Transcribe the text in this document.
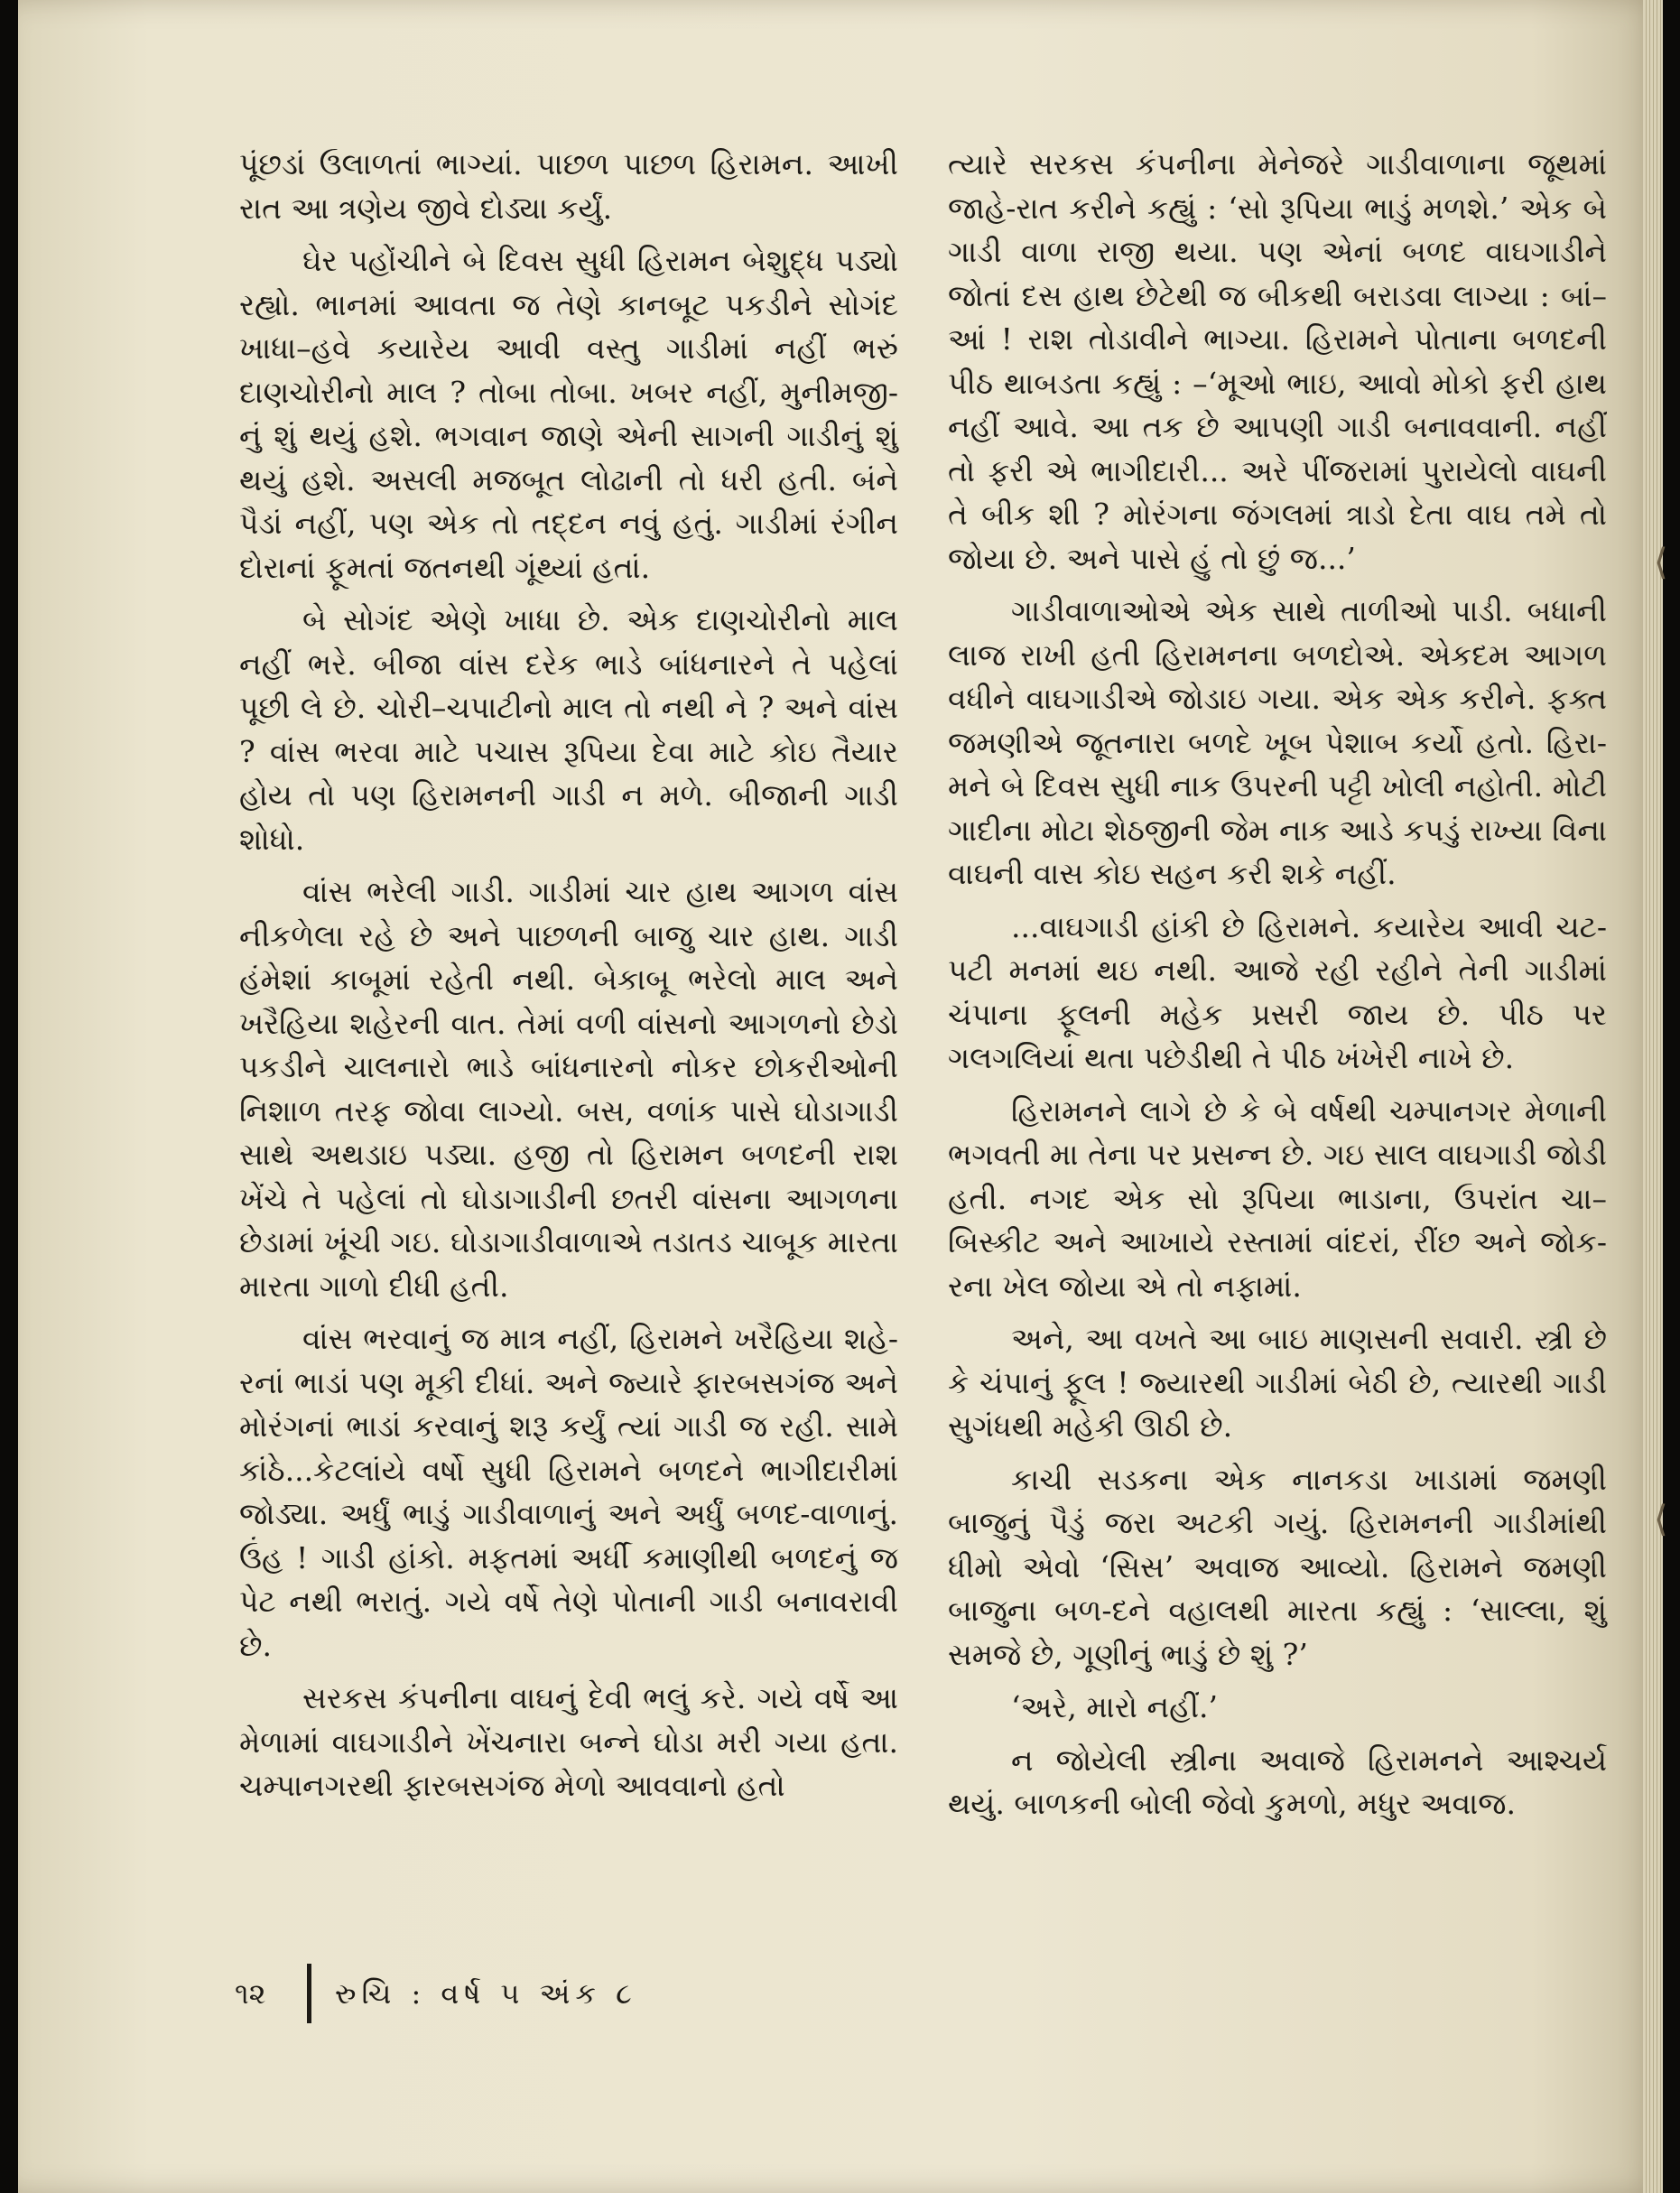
પૂંછડાં ઉલાળતાં ભાગ્યાં. પાછળ પાછળ હિરામન. આખી રાત આ ત્રણેય જીવે દોડ્યા કર્યું.

ઘેર પહોંચીને બે દિવસ સુધી હિરામન બેશુદ્ધ પડ્યો રહ્યો. ભાનમાં આવતા જ તેણે કાનબૂટ પકડીને સોગંદ ખાધા–હવે કયારેય આવી વસ્તુ ગાડીમાં નહીં ભરું દાણચોરીનો માલ ? તોબા તોબા. ખબર નહીં, મુનીમજી-નું શું થયું હશે. ભગવાન જાણે એની સાગની ગાડીનું શું થયું હશે. અસલી મજબૂત લોઢાની તો ધરી હતી. બંને પૈડાં નહીં, પણ એક તો તદ્દન નવું હતું. ગાડીમાં રંગીન દોરાનાં ફૂમતાં જતનથી ગૂંથ્યાં હતાં.

બે સોગંદ એણે ખાધા છે. એક દાણચોરીનો માલ નહીં ભરે. બીજા વાંસ દરેક ભાડે બાંધનારને તે પહેલાં પૂછી લે છે. ચોરી–ચપાટીનો માલ તો નથી ને ? અને વાંસ ? વાંસ ભરવા માટે પચાસ રૂપિયા દેવા માટે કોઇ તૈયાર હોય તો પણ હિરામનની ગાડી ન મળે. બીજાની ગાડી શોધો.

વાંસ ભરેલી ગાડી. ગાડીમાં ચાર હાથ આગળ વાંસ નીકળેલા રહે છે અને પાછળની બાજુ ચાર હાથ. ગાડી હંમેશાં કાબૂમાં રહેતી નથી. બેકાબૂ ભરેલો માલ અને ખરૈહિયા શહેરની વાત. તેમાં વળી વાંસનો આગળનો છેડો પકડીને ચાલનારો ભાડે બાંધનારનો નોકર છોકરીઓની નિશાળ તરફ જોવા લાગ્યો. બસ, વળાંક પાસે ઘોડાગાડી સાથે અથડાઇ પડ્યા. હજી તો હિરામન બળદની રાશ ખેંચે તે પહેલાં તો ઘોડાગાડીની છતરી વાંસના આગળના છેડામાં ખૂંચી ગઇ. ઘોડાગાડીવાળાએ તડાતડ ચાબૂક મારતા મારતા ગાળો દીધી હતી.

વાંસ ભરવાનું જ માત્ર નહીં, હિરામને ખરૈહિયા શહે-રનાં ભાડાં પણ મૂકી દીધાં. અને જ્યારે ફારબસગંજ અને મોરંગનાં ભાડાં કરવાનું શરૂ કર્યું ત્યાં ગાડી જ રહી. સામે કાંઠે...કેટલાંયે વર્ષો સુધી હિરામને બળદને ભાગીદારીમાં જોડ્યા. અર્ધું ભાડું ગાડીવાળાનું અને અર્ધું બળદ-વાળાનું. ઉંહ ! ગાડી હાંકો. મફતમાં અર્ધી કમાણીથી બળદનું જ પેટ નથી ભરાતું. ગયે વર્ષે તેણે પોતાની ગાડી બનાવરાવી છે.

સરકસ કંપનીના વાઘનું દેવી ભલું કરે. ગયે વર્ષે આ મેળામાં વાઘગાડીને ખેંચનારા બન્ને ઘોડા મરી ગયા હતા. ચમ્પાનગરથી ફારબસગંજ મેળો આવવાનો હતો

ત્યારે સરકસ કંપનીના મેનેજરે ગાડીવાળાના જૂથમાં જાહે-રાત કરીને કહ્યું : ‘સો રૂપિયા ભાડું મળશે.’ એક બે ગાડી વાળા રાજી થયા. પણ એનાં બળદ વાઘગાડીને જોતાં દસ હાથ છેટેથી જ બીકથી બરાડવા લાગ્યા : બાં–આં ! રાશ તોડાવીને ભાગ્યા. હિરામને પોતાના બળદની પીઠ થાબડતા કહ્યું : –‘મૂઓ ભાઇ, આવો મોકો ફરી હાથ નહીં આવે. આ તક છે આપણી ગાડી બનાવવાની. નહીં તો ફરી એ ભાગીદારી... અરે પીંજરામાં પુરાયેલો વાઘની તે બીક શી ? મોરંગના જંગલમાં ત્રાડો દેતા વાઘ તમે તો જોયા છે. અને પાસે હું તો છું જ...’

ગાડીવાળાઓએ એક સાથે તાળીઓ પાડી. બધાની લાજ રાખી હતી હિરામનના બળદોએ. એકદમ આગળ વધીને વાઘગાડીએ જોડાઇ ગયા. એક એક કરીને. ફક્ત જમણીએ જૂતનારા બળદે ખૂબ પેશાબ કર્યો હતો. હિરા-મને બે દિવસ સુધી નાક ઉપરની પટ્ટી ખોલી નહોતી. મોટી ગાદીના મોટા શેઠજીની જેમ નાક આડે કપડું રાખ્યા વિના વાઘની વાસ કોઇ સહન કરી શકે નહીં.

...વાઘગાડી હાંકી છે હિરામને. કયારેય આવી ચટ-પટી મનમાં થઇ નથી. આજે રહી રહીને તેની ગાડીમાં ચંપાના ફૂલની મહેક પ્રસરી જાય છે. પીઠ પર ગલગલિયાં થતા પછેડીથી તે પીઠ ખંખેરી નાખે છે.

હિરામનને લાગે છે કે બે વર્ષથી ચમ્પાનગર મેળાની ભગવતી મા તેના પર પ્રસન્ન છે. ગઇ સાલ વાઘગાડી જોડી હતી. નગદ એક સો રૂપિયા ભાડાના, ઉપરાંત ચા–બિસ્કીટ અને આખાયે રસ્તામાં વાંદરાં, રીંછ અને જોક-રના ખેલ જોયા એ તો નફામાં.

અને, આ વખતે આ બાઇ માણસની સવારી. સ્ત્રી છે કે ચંપાનું ફૂલ ! જ્યારથી ગાડીમાં બેઠી છે, ત્યારથી ગાડી સુગંધથી મહેકી ઊઠી છે.

કાચી સડકના એક નાનકડા ખાડામાં જમણી બાજુનું પૈડું જરા અટકી ગયું. હિરામનની ગાડીમાંથી ધીમો એવો ‘સિસ’ અવાજ આવ્યો. હિરામને જમણી બાજુના બળ-દને વહાલથી મારતા કહ્યું : ‘સાલ્લા, શું સમજે છે, ગૂણીનું ભાડું છે શું ?’

‘અરે, મારો નહીં.’

ન જોયેલી સ્ત્રીના અવાજે હિરામનને આશ્ચર્ય થયું. બાળકની બોલી જેવો કુમળો, મધુર અવાજ.

૧૨	રુચિ : વર્ષ ૫ અંક ૮
⟨
⟨
